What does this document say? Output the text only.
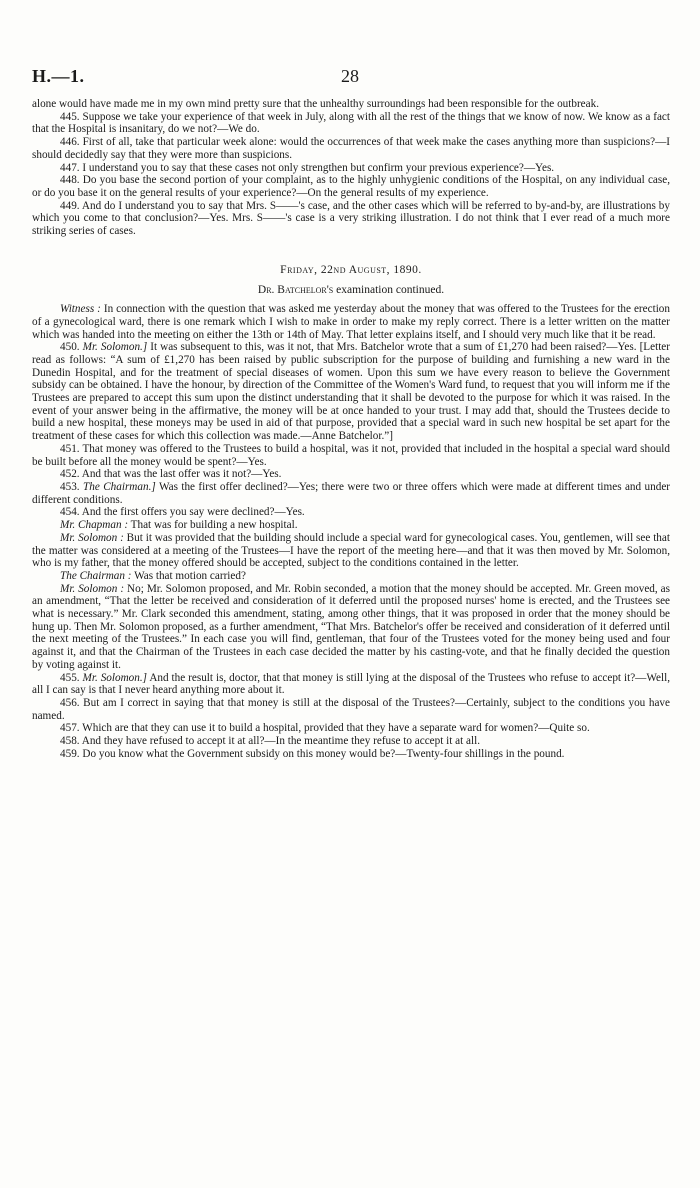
H.—1.	28

alone would have made me in my own mind pretty sure that the unhealthy surroundings had been responsible for the outbreak.

445. Suppose we take your experience of that week in July, along with all the rest of the things that we know of now. We know as a fact that the Hospital is insanitary, do we not?—We do.

446. First of all, take that particular week alone: would the occurrences of that week make the cases anything more than suspicions?—I should decidedly say that they were more than suspicions.

447. I understand you to say that these cases not only strengthen but confirm your previous experience?—Yes.

448. Do you base the second portion of your complaint, as to the highly unhygienic conditions of the Hospital, on any individual case, or do you base it on the general results of your experience?—On the general results of my experience.

449. And do I understand you to say that Mrs. S——'s case, and the other cases which will be referred to by-and-by, are illustrations by which you come to that conclusion?—Yes. Mrs. S——'s case is a very striking illustration. I do not think that I ever read of a much more striking series of cases.

Friday, 22nd August, 1890.

Dr. Batchelor's examination continued.

Witness : In connection with the question that was asked me yesterday about the money that was offered to the Trustees for the erection of a gynecological ward, there is one remark which I wish to make in order to make my reply correct. There is a letter written on the matter which was handed into the meeting on either the 13th or 14th of May. That letter explains itself, and I should very much like that it be read.

450. Mr. Solomon.] It was subsequent to this, was it not, that Mrs. Batchelor wrote that a sum of £1,270 had been raised?—Yes. [Letter read as follows: “A sum of £1,270 has been raised by public subscription for the purpose of building and furnishing a new ward in the Dunedin Hospital, and for the treatment of special diseases of women. Upon this sum we have every reason to believe the Government subsidy can be obtained. I have the honour, by direction of the Committee of the Women's Ward fund, to request that you will inform me if the Trustees are prepared to accept this sum upon the distinct understanding that it shall be devoted to the purpose for which it was raised. In the event of your answer being in the affirmative, the money will be at once handed to your trust. I may add that, should the Trustees decide to build a new hospital, these moneys may be used in aid of that purpose, provided that a special ward in such new hospital be set apart for the treatment of these cases for which this collection was made.—Anne Batchelor.”]

451. That money was offered to the Trustees to build a hospital, was it not, provided that included in the hospital a special ward should be built before all the money would be spent?—Yes.

452. And that was the last offer was it not?—Yes.

453. The Chairman.] Was the first offer declined?—Yes; there were two or three offers which were made at different times and under different conditions.

454. And the first offers you say were declined?—Yes.

Mr. Chapman : That was for building a new hospital.

Mr. Solomon : But it was provided that the building should include a special ward for gynecological cases. You, gentlemen, will see that the matter was considered at a meeting of the Trustees—I have the report of the meeting here—and that it was then moved by Mr. Solomon, who is my father, that the money offered should be accepted, subject to the conditions contained in the letter.

The Chairman : Was that motion carried?

Mr. Solomon : No; Mr. Solomon proposed, and Mr. Robin seconded, a motion that the money should be accepted. Mr. Green moved, as an amendment, “That the letter be received and consideration of it deferred until the proposed nurses' home is erected, and the Trustees see what is necessary.” Mr. Clark seconded this amendment, stating, among other things, that it was proposed in order that the money should be hung up. Then Mr. Solomon proposed, as a further amendment, “That Mrs. Batchelor's offer be received and consideration of it deferred until the next meeting of the Trustees.” In each case you will find, gentleman, that four of the Trustees voted for the money being used and four against it, and that the Chairman of the Trustees in each case decided the matter by his casting-vote, and that he finally decided the question by voting against it.

455. Mr. Solomon.] And the result is, doctor, that that money is still lying at the disposal of the Trustees who refuse to accept it?—Well, all I can say is that I never heard anything more about it.

456. But am I correct in saying that that money is still at the disposal of the Trustees?—Certainly, subject to the conditions you have named.

457. Which are that they can use it to build a hospital, provided that they have a separate ward for women?—Quite so.

458. And they have refused to accept it at all?—In the meantime they refuse to accept it at all.

459. Do you know what the Government subsidy on this money would be?—Twenty-four shillings in the pound.
